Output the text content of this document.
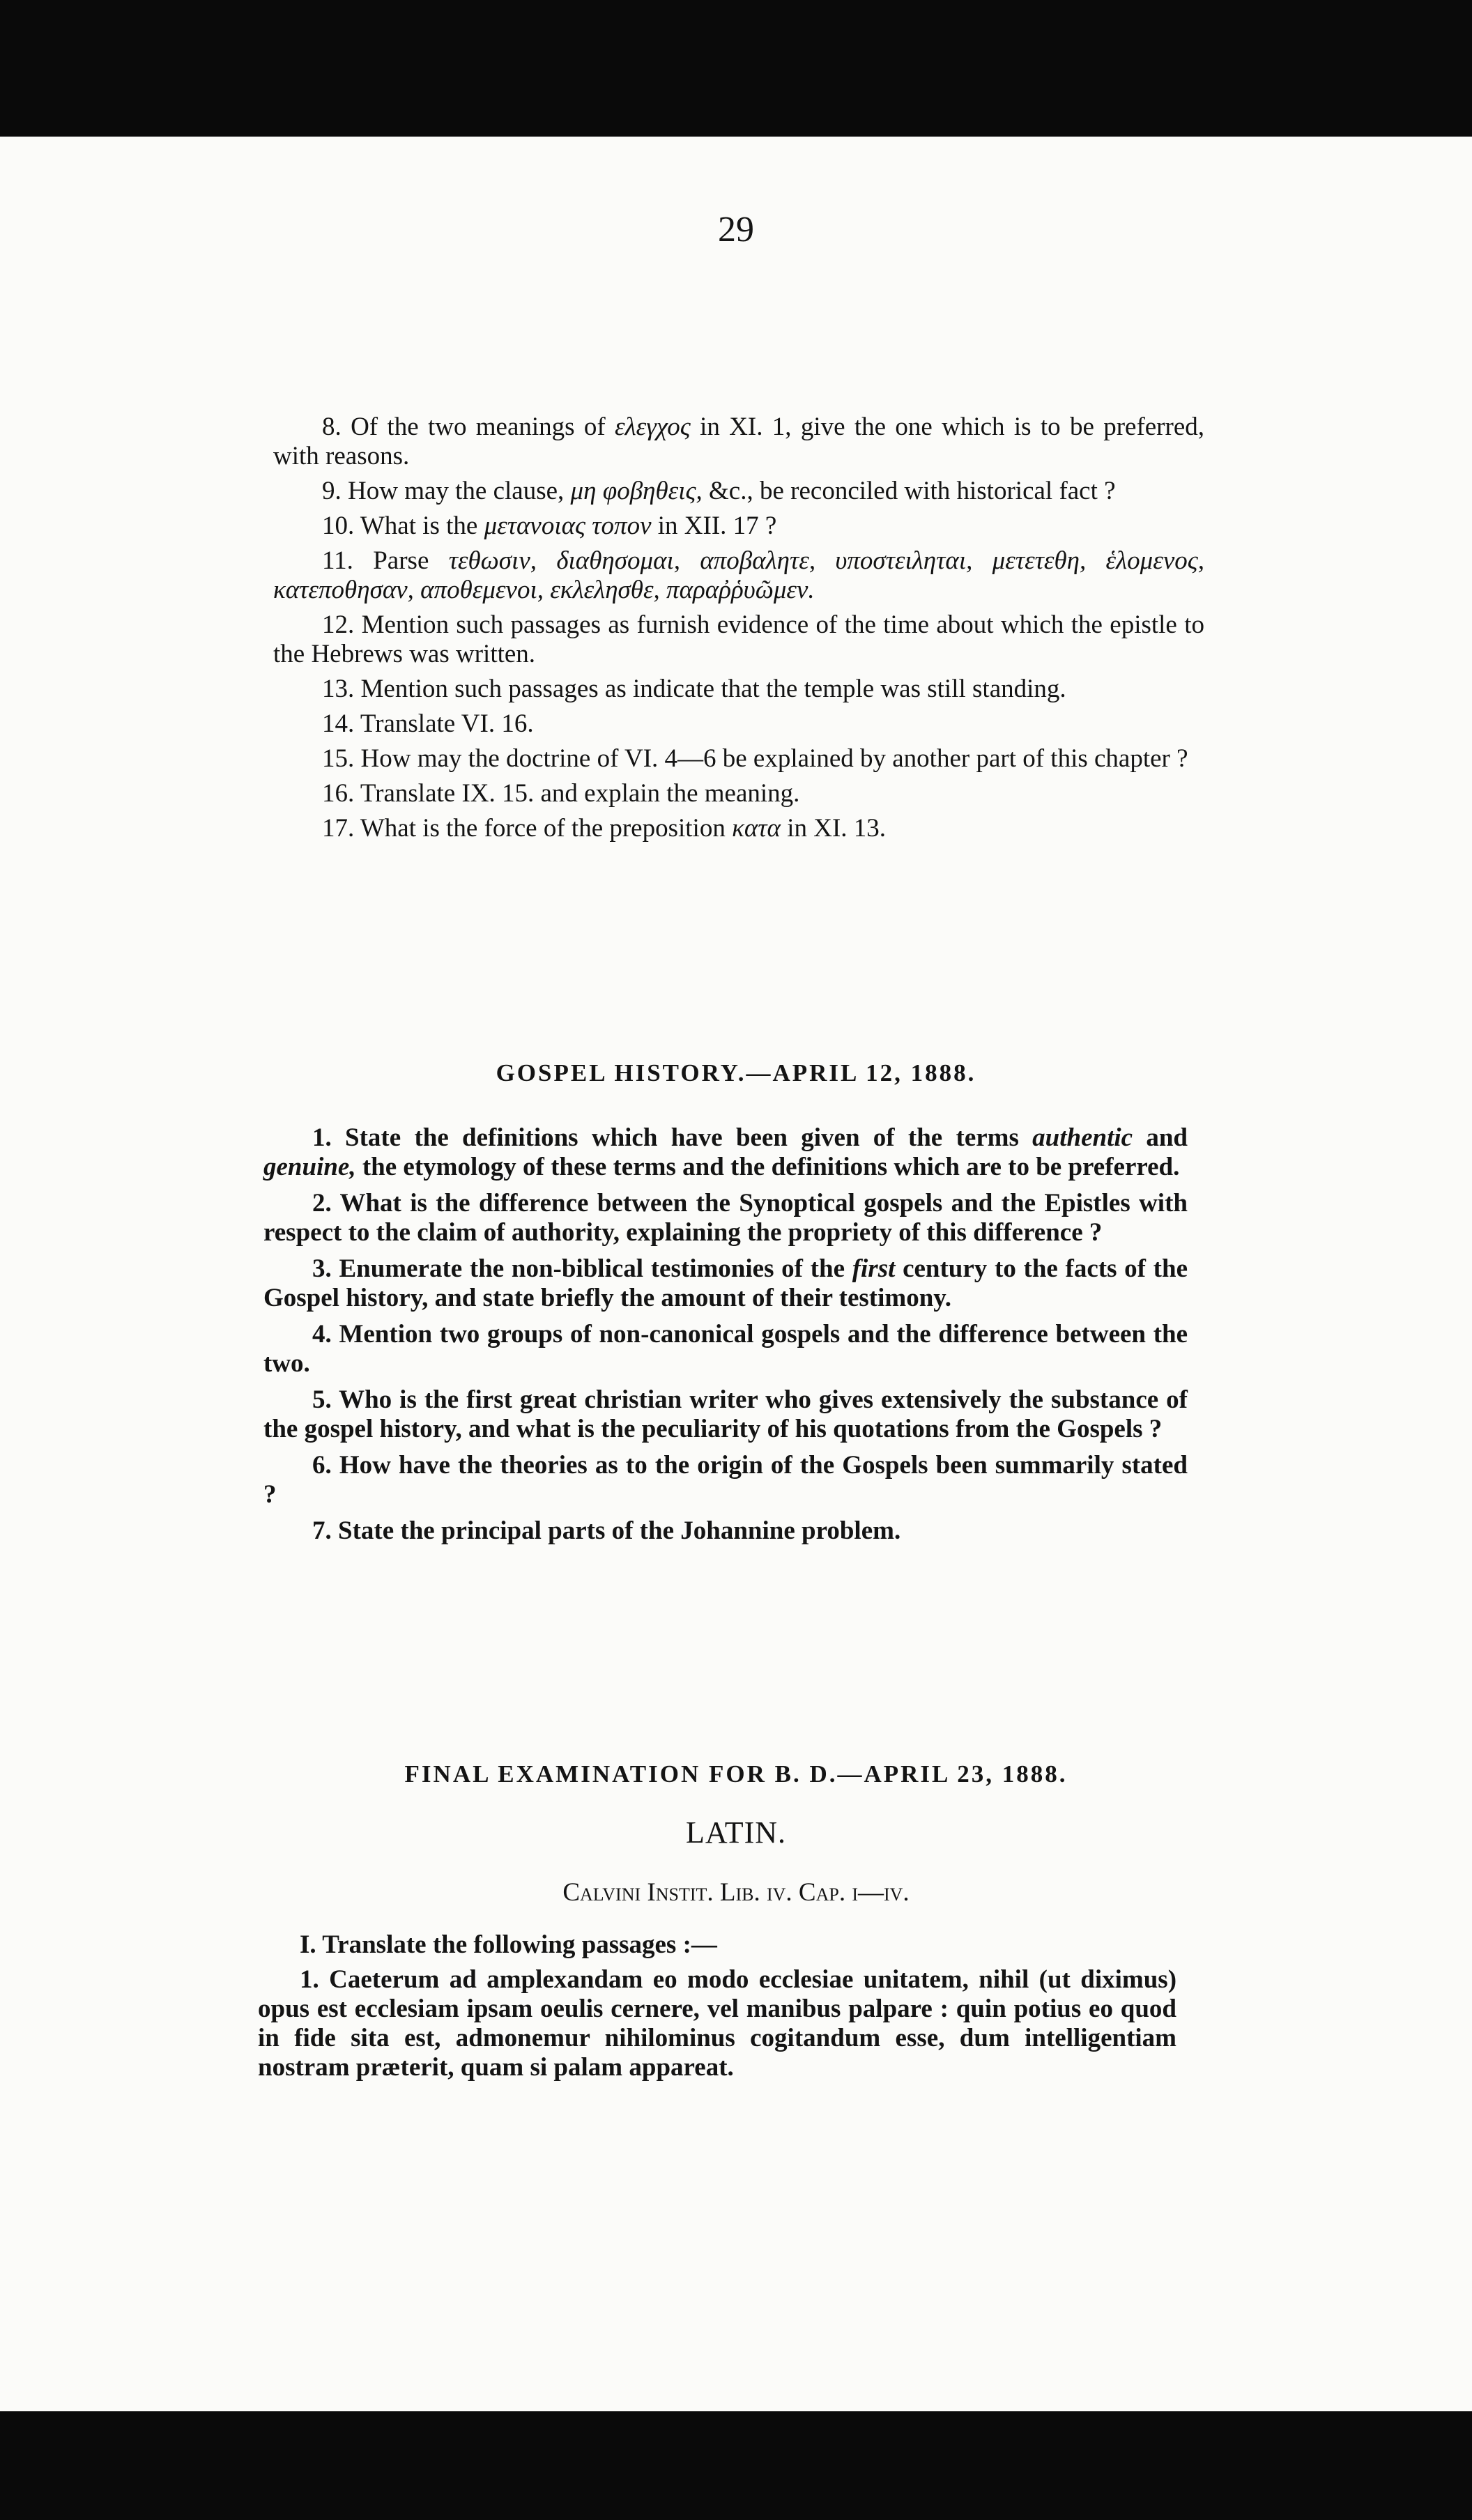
29

8. Of the two meanings of ελεγχος in XI. 1, give the one which is to be preferred, with reasons.

9. How may the clause, μη φοβηθεις, &c., be reconciled with historical fact ?

10. What is the μετανοιας τοπον in XII. 17 ?

11. Parse τεθωσιν, διαθησομαι, αποβαλητε, υποστειληται, μετετεθη, ἑλομενος, κατεποθησαν, αποθεμενοι, εκλελησθε, παραῤῥυῶμεν.

12. Mention such passages as furnish evidence of the time about which the epistle to the Hebrews was written.

13. Mention such passages as indicate that the temple was still standing.

14. Translate VI. 16.

15. How may the doctrine of VI. 4—6 be explained by another part of this chapter ?

16. Translate IX. 15. and explain the meaning.

17. What is the force of the preposition κατα in XI. 13.

GOSPEL HISTORY.—APRIL 12, 1888.

1. State the definitions which have been given of the terms authentic and genuine, the etymology of these terms and the definitions which are to be preferred.

2. What is the difference between the Synoptical gospels and the Epistles with respect to the claim of authority, explaining the propriety of this difference ?

3. Enumerate the non-biblical testimonies of the first century to the facts of the Gospel history, and state briefly the amount of their testimony.

4. Mention two groups of non-canonical gospels and the difference between the two.

5. Who is the first great christian writer who gives extensively the substance of the gospel history, and what is the peculiarity of his quotations from the Gospels ?

6. How have the theories as to the origin of the Gospels been summarily stated ?

7. State the principal parts of the Johannine problem.

FINAL EXAMINATION FOR B. D.—APRIL 23, 1888.
LATIN.
Calvini Instit. Lib. iv. Cap. i—iv.

I. Translate the following passages :—

1. Caeterum ad amplexandam eo modo ecclesiae unitatem, nihil (ut diximus) opus est ecclesiam ipsam oeulis cernere, vel manibus palpare : quin potius eo quod in fide sita est, admonemur nihilominus cogitandum esse, dum intelligentiam nostram præterit, quam si palam appareat.
